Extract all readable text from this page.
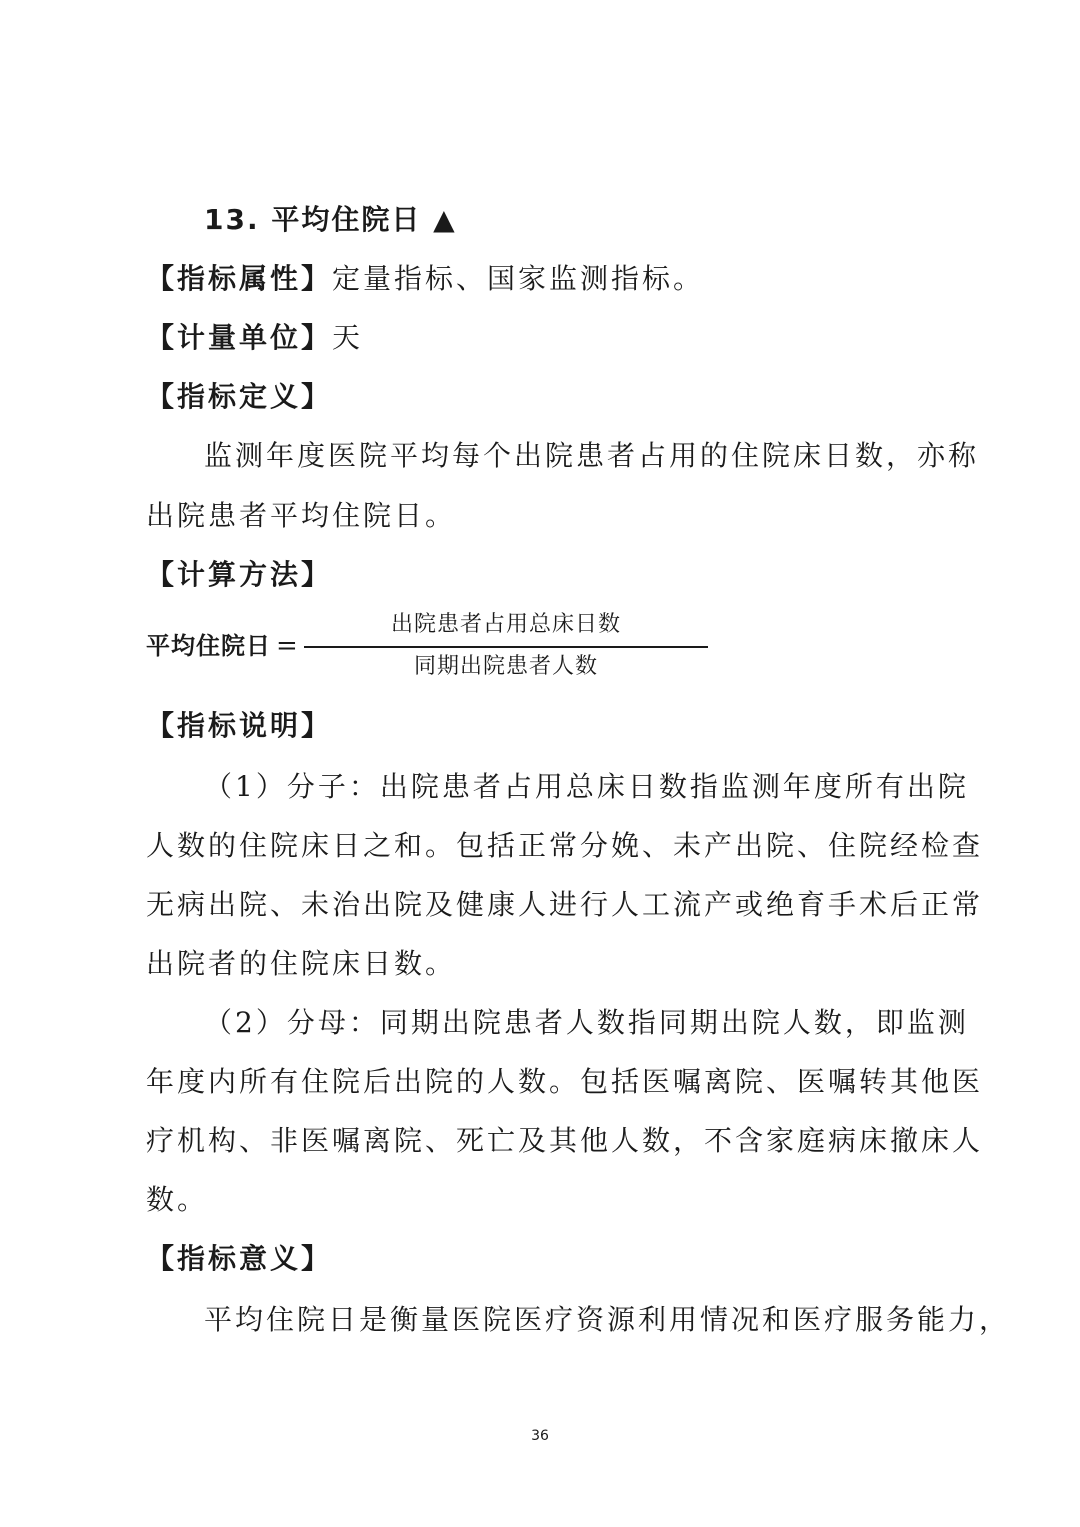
13. 平均住院日 ▲
【指标属性】定量指标、国家监测指标。
【计量单位】天
【指标定义】
监测年度医院平均每个出院患者占用的住院床日数，亦称
出院患者平均住院日。
【计算方法】
平均住院日 =
出院患者占用总床日数
同期出院患者人数
【指标说明】
（1）分子：出院患者占用总床日数指监测年度所有出院
人数的住院床日之和。包括正常分娩、未产出院、住院经检查
无病出院、未治出院及健康人进行人工流产或绝育手术后正常
出院者的住院床日数。
（2）分母：同期出院患者人数指同期出院人数，即监测
年度内所有住院后出院的人数。包括医嘱离院、医嘱转其他医
疗机构、非医嘱离院、死亡及其他人数，不含家庭病床撤床人
数。
【指标意义】
平均住院日是衡量医院医疗资源利用情况和医疗服务能力，
36
